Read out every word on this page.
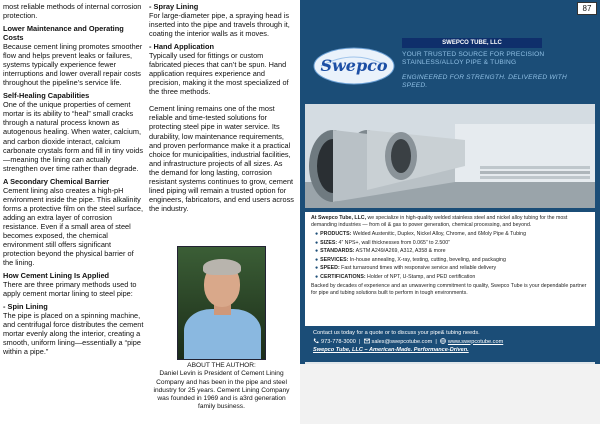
most reliable methods of internal corrosion protection.

Lower Maintenance and Operating Costs

Because cement lining promotes smoother flow and helps prevent leaks or failures, systems typically experience fewer interruptions and lower overall repair costs throughout the pipeline’s service life.

Self-Healing Capabilities

One of the unique properties of cement mortar is its ability to “heal” small cracks through a natural process known as autogenous healing. When water, calcium, and carbon dioxide interact, calcium carbonate crystals form and fill in tiny voids—meaning the lining can actually strengthen over time rather than degrade.

A Secondary Chemical Barrier

Cement lining also creates a high-pH environment inside the pipe. This alkalinity forms a protective film on the steel surface, adding an extra layer of corrosion resistance. Even if a small area of steel becomes exposed, the chemical environment still offers significant protection beyond the physical barrier of the lining.

How Cement Lining Is Applied

There are three primary methods used to apply cement mortar lining to steel pipe:

- Spin Lining

The pipe is placed on a spinning machine, and centrifugal force distributes the cement mortar evenly along the interior, creating a smooth, uniform lining—essentially a “pipe within a pipe.”

- Spray Lining

For large-diameter pipe, a spraying head is inserted into the pipe and travels through it, coating the interior walls as it moves.

- Hand Application

Typically used for fittings or custom fabricated pieces that can’t be spun. Hand application requires experience and precision, making it the most specialized of the three methods.

Cement lining remains one of the most reliable and time-tested solutions for protecting steel pipe in water service. Its durability, low maintenance requirements, and proven performance make it a practical choice for municipalities, industrial facilities, and infrastructure projects of all sizes. As the demand for long lasting, corrosion resistant systems continues to grow, cement lined piping will remain a trusted option for engineers, fabricators, and end users across the industry.

ABOUT THE AUTHOR:
Daniel Levin is President of Cement Lining Company and has been in the pipe and steel industry for 25 years. Cement Lining Company was founded in 1969 and is a3rd generation family business.
87
Swepco
SWEPCO TUBE, LLC
YOUR TRUSTED SOURCE FOR PRECISION STAINLESS/ALLOY PIPE & TUBING
ENGINEERED FOR STRENGTH. DELIVERED WITH SPEED.
At Swepco Tube, LLC, we specialize in high-quality welded stainless steel and nickel alloy tubing for the most demanding industries — from oil & gas to power generation, chemical processing, and beyond.
● PRODUCTS: Welded Austenitic, Duplex, Nickel Alloy, Chrome, and 6Moly Pipe & Tubing
● SIZES: 4” NPS+, wall thicknesses from 0.065” to 2.500”
● STANDARDS: ASTM A249/A269, A312, A358 & more
● SERVICES: In-house annealing, X-ray, testing, cutting, beveling, and packaging
● SPEED: Fast turnaround times with responsive service and reliable delivery
● CERTIFICATIONS: Holder of NPT, U-Stamp, and PED certification
Backed by decades of experience and an unwavering commitment to quality, Swepco Tube is your dependable partner for pipe and tubing solutions built to perform in tough environments.
Contact us today for a quote or to discuss your pipe& tubing needs.
973-778-3000  |  sales@swepcotube.com  |  www.swepcotube.com
Swepco Tube, LLC – American-Made. Performance-Driven.
